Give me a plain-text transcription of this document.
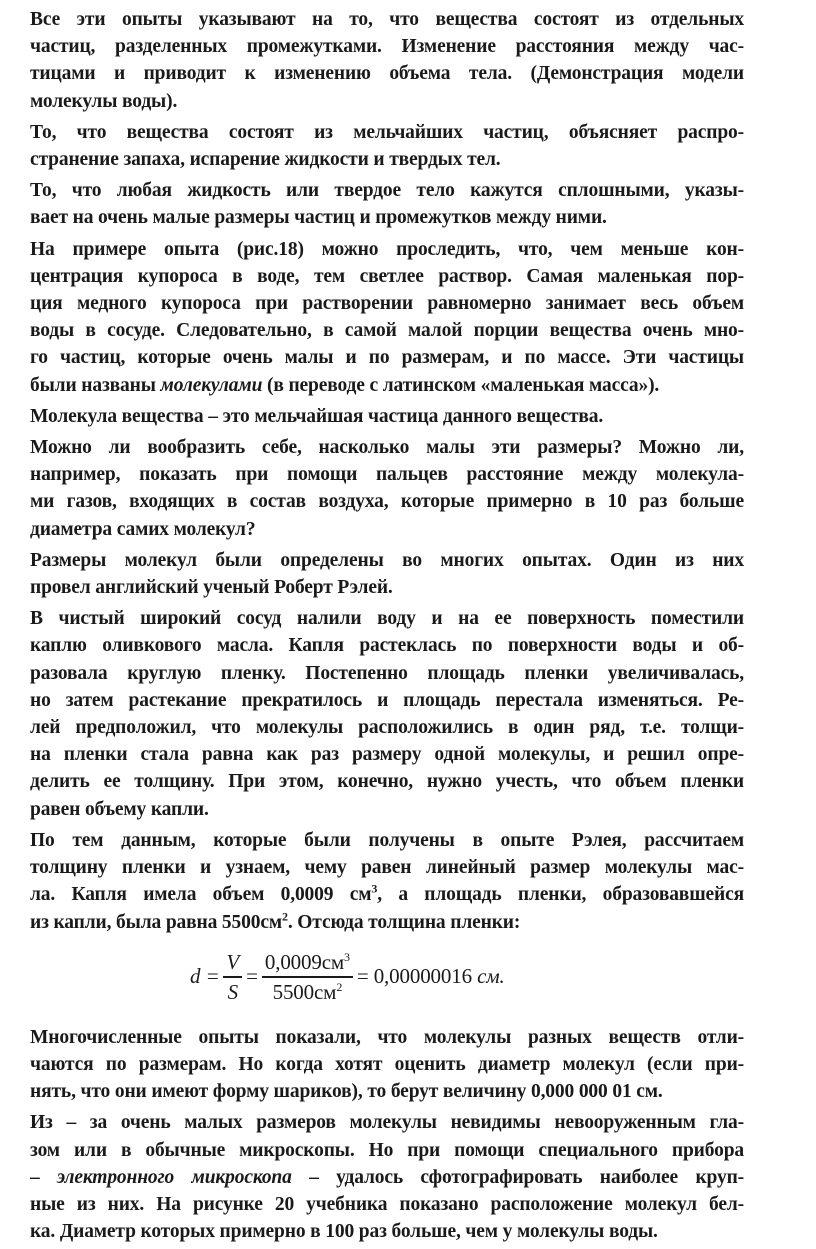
Все эти опыты указывают на то, что вещества состоят из отдельных
частиц, разделенных промежутками. Изменение расстояния между час-
тицами и приводит к изменению объема тела. (Демонстрация модели
молекулы воды).
То, что вещества состоят из мельчайших частиц, объясняет распро-
странение запаха, испарение жидкости и твердых тел.
То, что любая жидкость или твердое тело кажутся сплошными, указы-
вает на очень малые размеры частиц и промежутков между ними.
На примере опыта (рис.18) можно проследить, что, чем меньше кон-
центрация купороса в воде, тем светлее раствор. Самая маленькая пор-
ция медного купороса при растворении равномерно занимает весь объем
воды в сосуде. Следовательно, в самой малой порции вещества очень мно-
го частиц, которые очень малы и по размерам, и по массе. Эти частицы
были названы молекулами (в переводе с латинском «маленькая масса»).
Молекула вещества – это мельчайшая частица данного вещества.
Можно ли вообразить себе, насколько малы эти размеры? Можно ли,
например, показать при помощи пальцев расстояние между молекула-
ми газов, входящих в состав воздуха, которые примерно в 10 раз больше
диаметра самих молекул?
Размеры молекул были определены во многих опытах. Один из них
провел английский ученый Роберт Рэлей.
В чистый широкий сосуд налили воду и на ее поверхность поместили
каплю оливкового масла. Капля растеклась по поверхности воды и об-
разовала круглую пленку. Постепенно площадь пленки увеличивалась,
но затем растекание прекратилось и площадь перестала изменяться. Ре-
лей предположил, что молекулы расположились в один ряд, т.е. толщи-
на пленки стала равна как раз размеру одной молекулы, и решил опре-
делить ее толщину. При этом, конечно, нужно учесть, что объем пленки
равен объему капли.
По тем данным, которые были получены в опыте Рэлея, рассчитаем
толщину пленки и узнаем, чему равен линейный размер молекулы мас-
ла. Капля имела объем 0,0009 $см^3$, а площадь пленки, образовавшейся
из капли, была равна $5500см^2$. Отсюда толщина пленки:
$d = \frac{V}{S} = \frac{0,0009см^3}{5500см^2} = 0,00000016$
см.
Многочисленные опыты показали, что молекулы разных веществ отли-
чаются по размерам. Но когда хотят оценить диаметр молекул (если при-
нять, что они имеют форму шариков), то берут величину 0,000 000 01 см.
Из – за очень малых размеров молекулы невидимы невооруженным гла-
зом или в обычные микроскопы. Но при помощи специального прибора
– электронного микроскопа – удалось сфотографировать наиболее круп-
ные из них. На рисунке 20 учебника показано расположение молекул бел-
ка. Диаметр которых примерно в 100 раз больше, чем у молекулы воды.
